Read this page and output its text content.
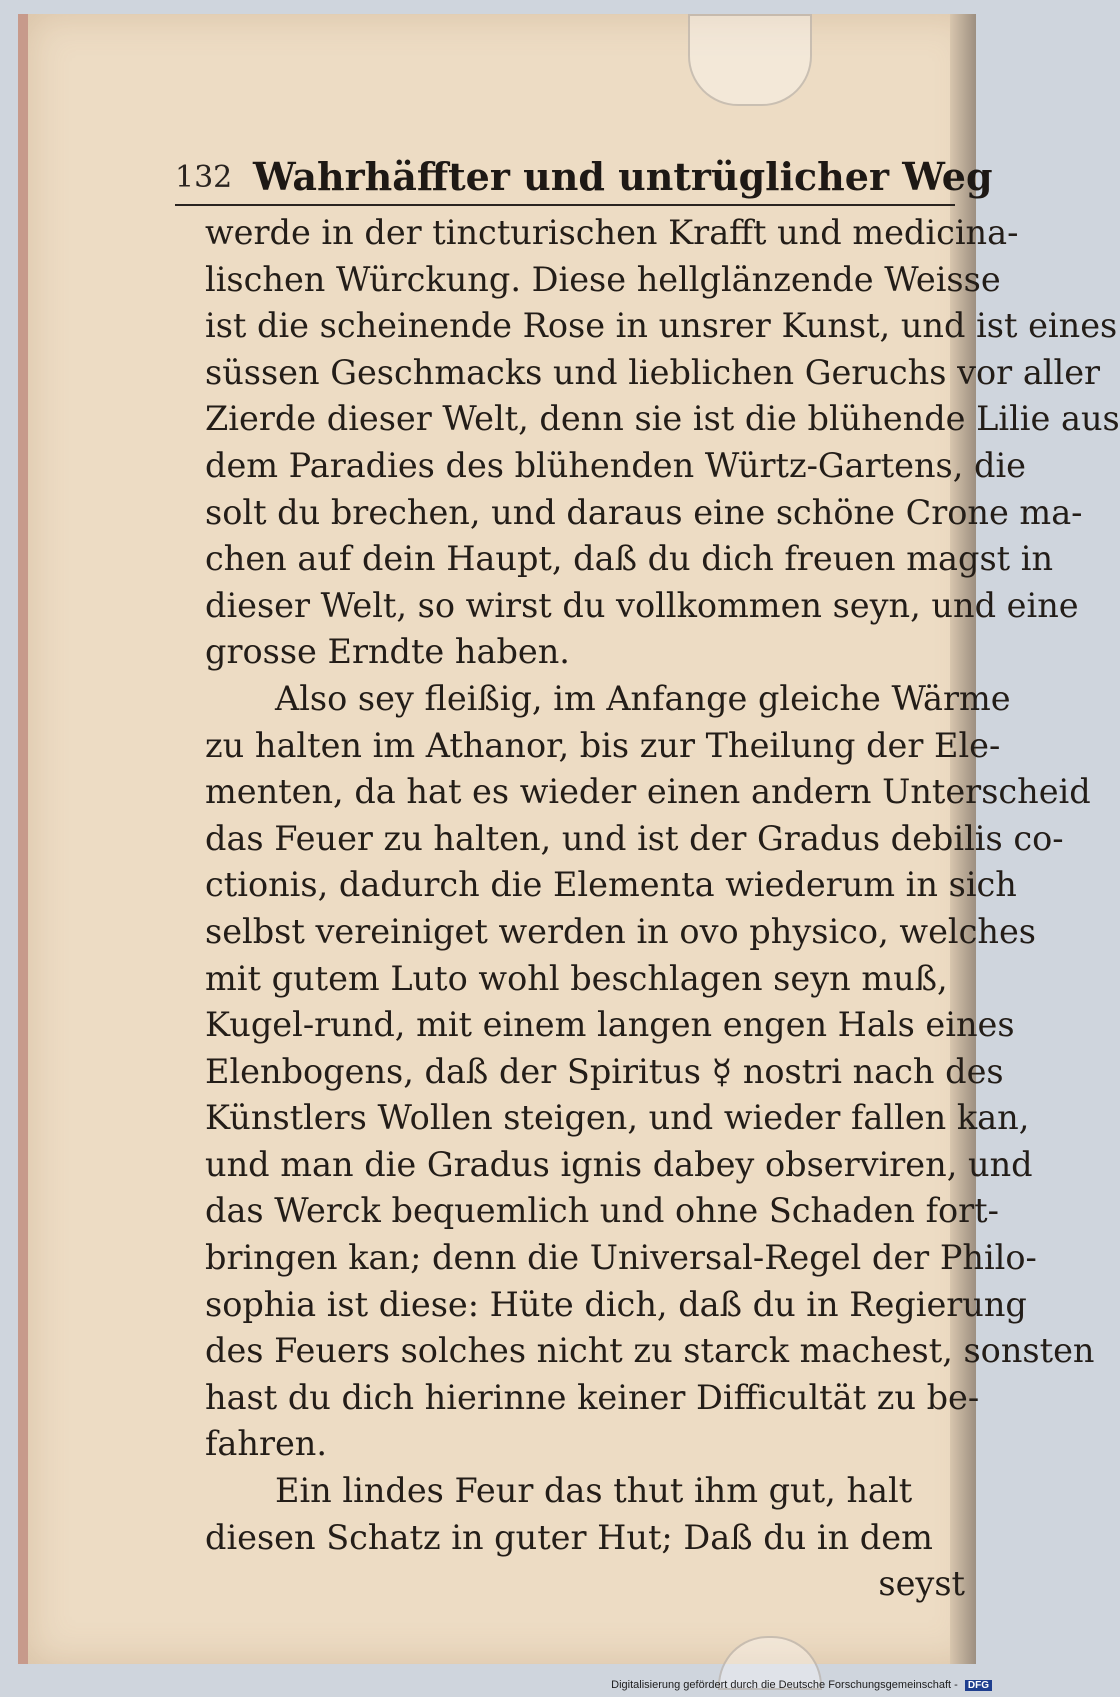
132 Wahrhäffter und untrüglicher Weg
werde in der tincturischen Krafft und medicina-
lischen Würckung. Diese hellglänzende Weisse
ist die scheinende Rose in unsrer Kunst, und ist eines
süssen Geschmacks und lieblichen Geruchs vor aller
Zierde dieser Welt, denn sie ist die blühende Lilie aus
dem Paradies des blühenden Würtz-Gartens, die
solt du brechen, und daraus eine schöne Crone ma-
chen auf dein Haupt, daß du dich freuen magst in
dieser Welt, so wirst du vollkommen seyn, und eine
grosse Erndte haben.
Also sey fleißig, im Anfange gleiche Wärme
zu halten im Athanor, bis zur Theilung der Ele-
menten, da hat es wieder einen andern Unterscheid
das Feuer zu halten, und ist der Gradus debilis co-
ctionis, dadurch die Elementa wiederum in sich
selbst vereiniget werden in ovo physico, welches
mit gutem Luto wohl beschlagen seyn muß,
Kugel-rund, mit einem langen engen Hals eines
Elenbogens, daß der Spiritus ☿ nostri nach des
Künstlers Wollen steigen, und wieder fallen kan,
und man die Gradus ignis dabey observiren, und
das Werck bequemlich und ohne Schaden fort-
bringen kan; denn die Universal-Regel der Philo-
sophia ist diese: Hüte dich, daß du in Regierung
des Feuers solches nicht zu starck machest, sonsten
hast du dich hierinne keiner Difficultät zu be-
fahren.
Ein lindes Feur das thut ihm gut, halt
diesen Schatz in guter Hut; Daß du in dem
seyst
Digitalisierung gefördert durch die Deutsche Forschungsgemeinschaft - DFG
